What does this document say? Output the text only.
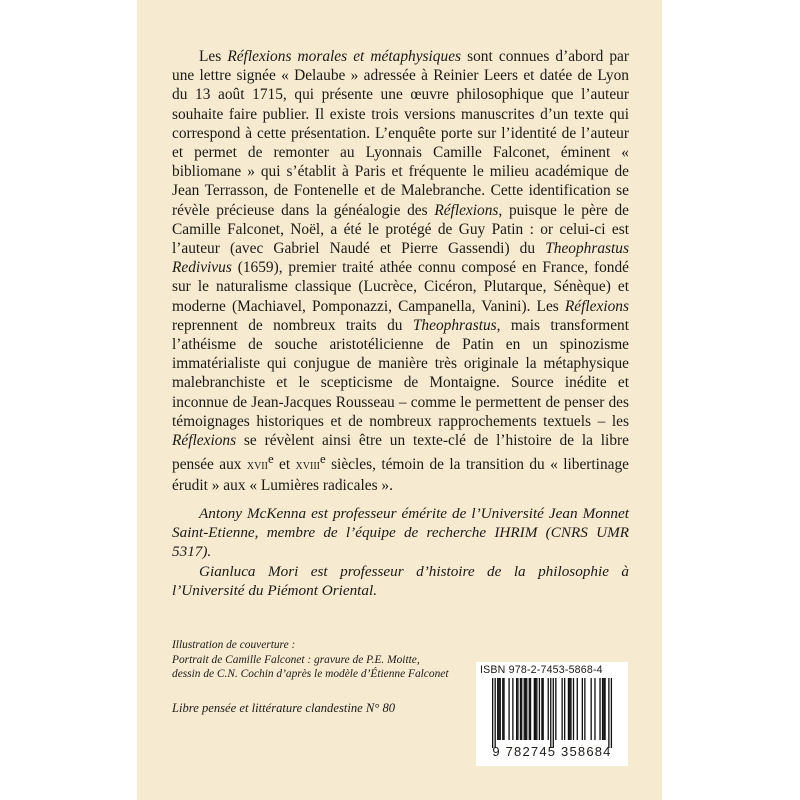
Les Réflexions morales et métaphysiques sont connues d’abord par une lettre signée « Delaube » adressée à Reinier Leers et datée de Lyon du 13 août 1715, qui présente une œuvre philosophique que l’auteur souhaite faire publier. Il existe trois versions manuscrites d’un texte qui correspond à cette présentation. L’enquête porte sur l’identité de l’auteur et permet de remonter au Lyonnais Camille Falconet, éminent « bibliomane » qui s’établit à Paris et fréquente le milieu académique de Jean Terrasson, de Fontenelle et de Malebranche. Cette identification se révèle précieuse dans la généalogie des Réflexions, puisque le père de Camille Falconet, Noël, a été le protégé de Guy Patin : or celui-ci est l’auteur (avec Gabriel Naudé et Pierre Gassendi) du Theophrastus Redivivus (1659), premier traité athée connu composé en France, fondé sur le naturalisme classique (Lucrèce, Cicéron, Plutarque, Sénèque) et moderne (Machiavel, Pomponazzi, Campanella, Vanini). Les Réflexions reprennent de nombreux traits du Theophrastus, mais transforment l’athéisme de souche aristotélicienne de Patin en un spinozisme immatérialiste qui conjugue de manière très originale la métaphysique malebranchiste et le scepticisme de Montaigne. Source inédite et inconnue de Jean-Jacques Rousseau – comme le permettent de penser des témoignages historiques et de nombreux rapprochements textuels – les Réflexions se révèlent ainsi être un texte-clé de l’histoire de la libre pensée aux xvii$^e$ et xviii$^e$ siècles, témoin de la transition du « libertinage érudit » aux « Lumières radicales ».

Antony McKenna est professeur émérite de l’Université Jean Monnet Saint-Etienne, membre de l’équipe de recherche IHRIM (CNRS UMR 5317).

Gianluca Mori est professeur d’histoire de la philosophie à l’Université du Piémont Oriental.

Illustration de couverture :
Portrait de Camille Falconet : gravure de P.E. Moitte,
dessin de C.N. Cochin d’après le modèle d’Étienne Falconet
Libre pensée et littérature clandestine N° 80
ISBN 978-2-7453-5868-4
9 782745 358684
